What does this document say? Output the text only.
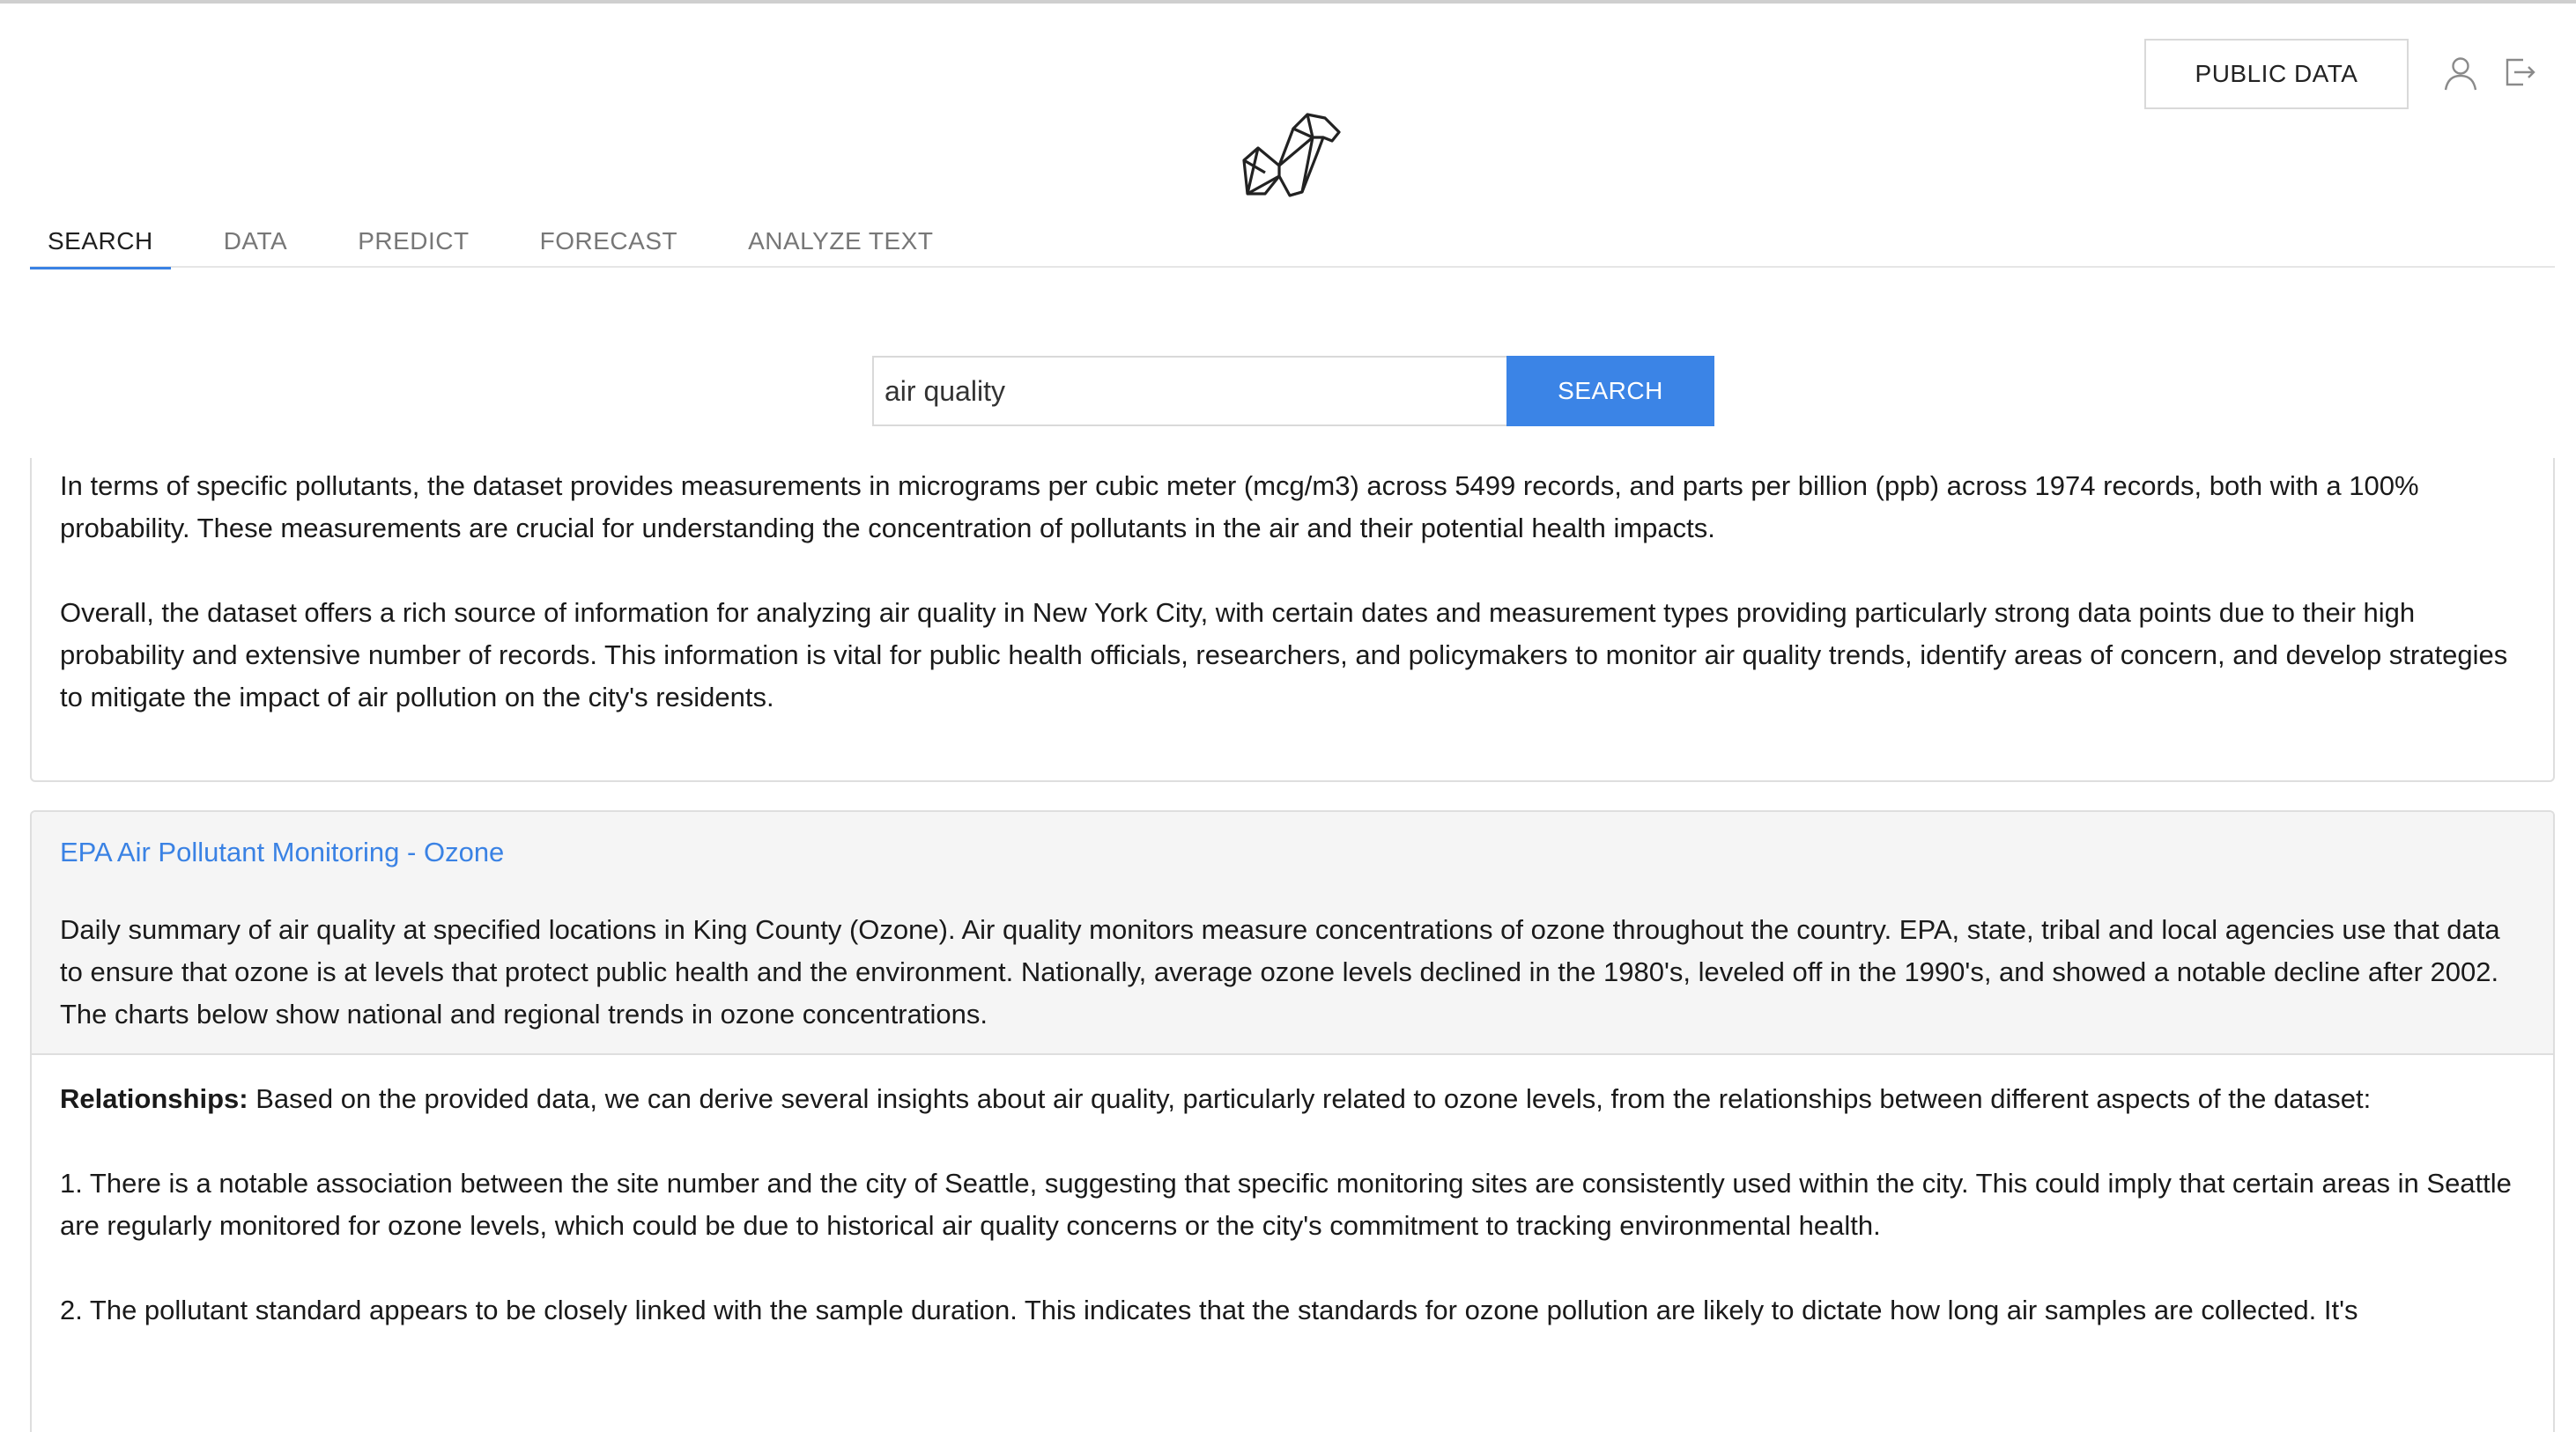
PUBLIC DATA
SEARCH	DATA	PREDICT	FORECAST	ANALYZE TEXT
air quality
SEARCH

In terms of specific pollutants, the dataset provides measurements in micrograms per cubic meter (mcg/m3) across 5499 records, and parts per billion (ppb) across 1974 records, both with a 100% probability. These measurements are crucial for understanding the concentration of pollutants in the air and their potential health impacts.

Overall, the dataset offers a rich source of information for analyzing air quality in New York City, with certain dates and measurement types providing particularly strong data points due to their high probability and extensive number of records. This information is vital for public health officials, researchers, and policymakers to monitor air quality trends, identify areas of concern, and develop strategies to mitigate the impact of air pollution on the city's residents.

EPA Air Pollutant Monitoring - Ozone

Daily summary of air quality at specified locations in King County (Ozone). Air quality monitors measure concentrations of ozone throughout the country. EPA, state, tribal and local agencies use that data to ensure that ozone is at levels that protect public health and the environment. Nationally, average ozone levels declined in the 1980's, leveled off in the 1990's, and showed a notable decline after 2002. The charts below show national and regional trends in ozone concentrations.

Relationships: Based on the provided data, we can derive several insights about air quality, particularly related to ozone levels, from the relationships between different aspects of the dataset:

1. There is a notable association between the site number and the city of Seattle, suggesting that specific monitoring sites are consistently used within the city. This could imply that certain areas in Seattle are regularly monitored for ozone levels, which could be due to historical air quality concerns or the city's commitment to tracking environmental health.

2. The pollutant standard appears to be closely linked with the sample duration. This indicates that the standards for ozone pollution are likely to dictate how long air samples are collected. It's
